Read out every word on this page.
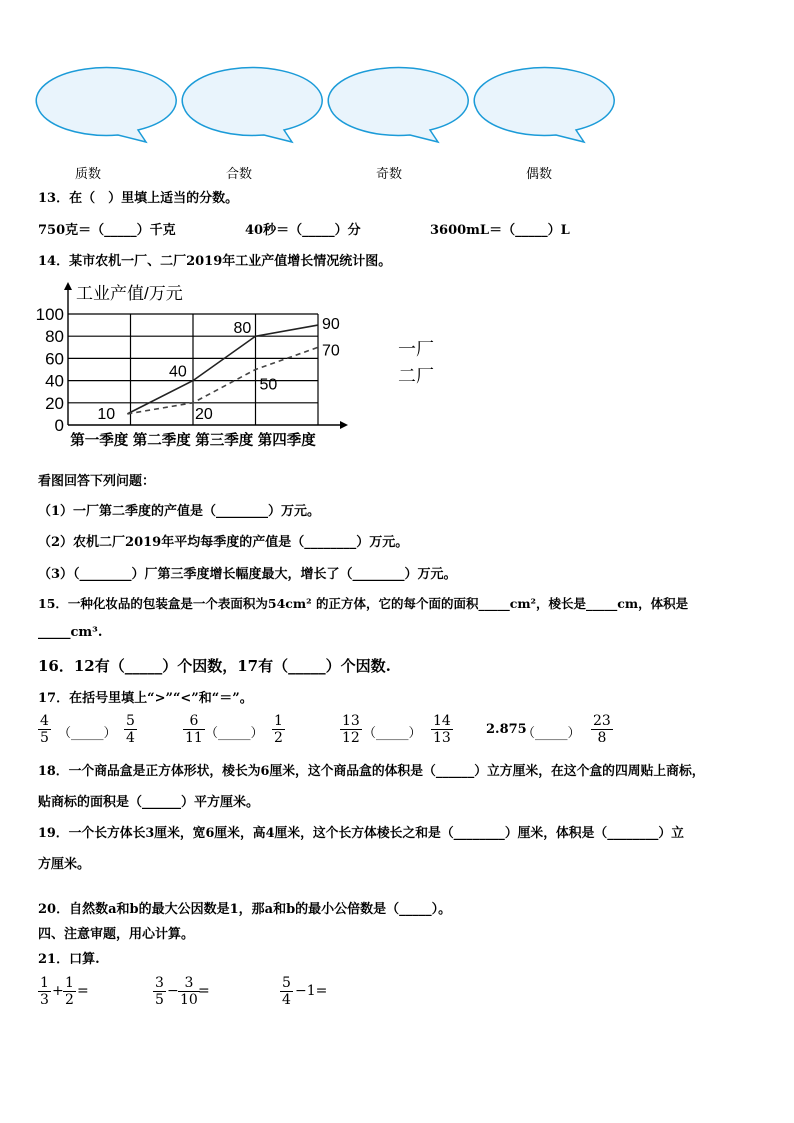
质数	合数	奇数	偶数
13．在（　）里填上适当的分数。
750克＝（_____）千克	40秒＝（_____）分	3600mL＝（_____）L
14．某市农机一厂、二厂2019年工业产值增长情况统计图。
0
20
40
60
80
100
工业产值/万元
第一季度 第二季度 第三季度 第四季度
10
40
80	90
20
50
70	一厂
二厂
看图回答下列问题：
（1）一厂第二季度的产值是（________）万元。
（2）农机二厂2019年平均每季度的产值是（________）万元。
（3）（________）厂第三季度增长幅度最大，增长了（________）万元。
15．一种化妆品的包装盒是一个表面积为54cm² 的正方体，它的每个面的面积_____cm²，棱长是_____cm，体积是
_____cm³.
16．12有（_____）个因数，17有（_____）个因数.
17．在括号里填上“>”“<”和“＝”。
4
5 （_____）
5
4
6
11 （_____）
1
2
13
12 （_____）
14
13
2.875
（_____）
23
8
18．一个商品盒是正方体形状，棱长为6厘米，这个商品盒的体积是（______）立方厘米，在这个盒的四周贴上商标，
贴商标的面积是（______）平方厘米。
19．一个长方体长3厘米，宽6厘米，高4厘米，这个长方体棱长之和是（________）厘米，体积是（________）立
方厘米。
20．自然数a和b的最大公因数是1，那a和b的最小公倍数是（_____）。
四、注意审题，用心计算。
21．口算.
1
3
+ 1
2
=	3
5
− 3
10
=	5
4
−1=
